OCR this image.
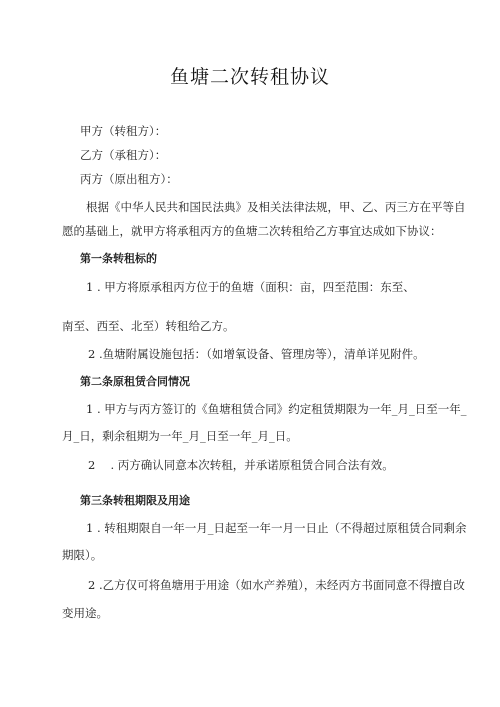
鱼塘二次转租协议
甲方（转租方）：
乙方（承租方）：
丙方（原出租方）：
根据《中华人民共和国民法典》及相关法律法规，甲、乙、丙三方在平等自
愿的基础上，就甲方将承租丙方的鱼塘二次转租给乙方事宜达成如下协议：
第一条转租标的
1 . 甲方将原承租丙方位于的鱼塘（面积：亩，四至范围：东至、
南至、西至、北至）转租给乙方。
2 .鱼塘附属设施包括：（如增氧设备、管理房等），清单详见附件。
第二条原租赁合同情况
1 . 甲方与丙方签订的《鱼塘租赁合同》约定租赁期限为一年_月_日至一年_
月_日，剩余租期为一年_月_日至一年_月_日。
2 　. 丙方确认同意本次转租，并承诺原租赁合同合法有效。
第三条转租期限及用途
1 . 转租期限自一年一月_日起至一年一月一日止（不得超过原租赁合同剩余
期限）。
2 .乙方仅可将鱼塘用于用途（如水产养殖），未经丙方书面同意不得擅自改
变用途。
